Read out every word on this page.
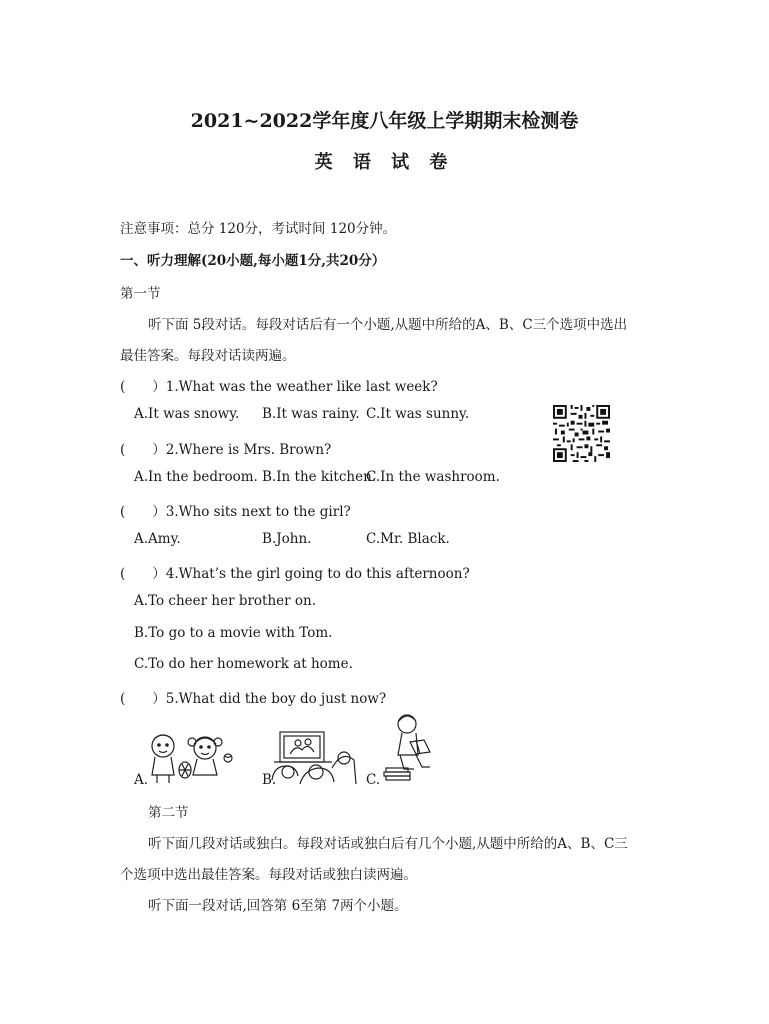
2021~2022学年度八年级上学期期末检测卷
英 语 试 卷
注意事项：总分 120分，考试时间 120分钟。
一、听力理解(20小题,每小题1分,共20分）
第一节
听下面 5段对话。每段对话后有一个小题,从题中所给的A、B、C三个选项中选出
最佳答案。每段对话读两遍。
(　　）1.What was the weather like last week?
A.It was snowy. B.It was rainy. C.It was sunny.
(　　）2.Where is Mrs. Brown?
A.In the bedroom. B.In the kitchen.
C.In the washroom.
(　　）3.Who sits next to the girl?
A.Amy.	B.John.	C.Mr. Black.
(　　）4.What’s the girl going to do this afternoon?
A.To cheer her brother on.
B.To go to a movie with Tom.
C.To do her homework at home.
(　　）5.What did the boy do just now?
A.	B.	C.
第二节
听下面几段对话或独白。每段对话或独白后有几个小题,从题中所给的A、B、C三
个选项中选出最佳答案。每段对话或独白读两遍。
听下面一段对话,回答第 6至第 7两个小题。
